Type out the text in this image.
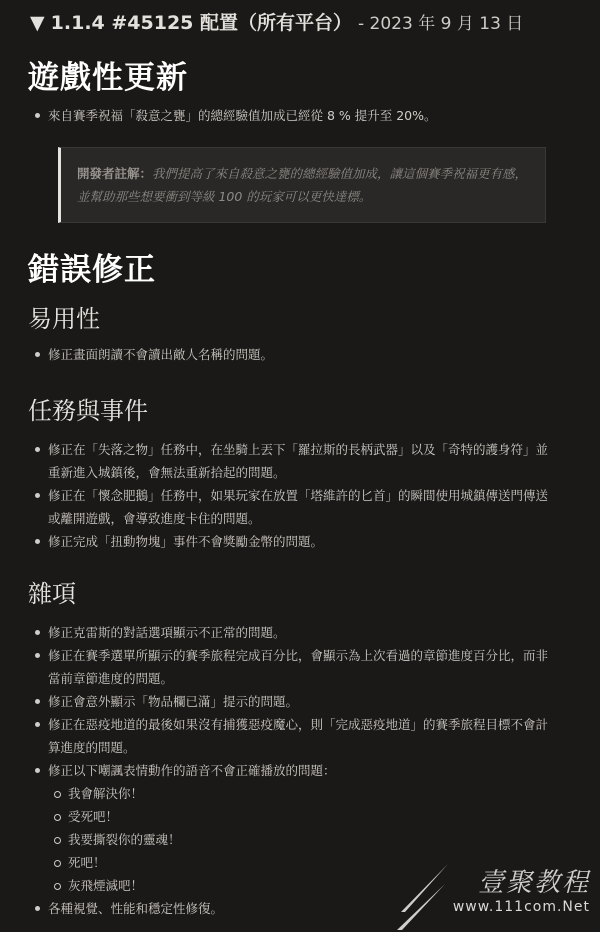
▼ 1.1.4 #45125 配置（所有平台） - 2023 年 9 月 13 日
遊戲性更新
來自賽季祝福「殺意之甕」的總經驗值加成已經從 8 % 提升至 20%。
開發者註解：我們提高了來自殺意之甕的總經驗值加成，讓這個賽季祝福更有感，並幫助那些想要衝到等級 100 的玩家可以更快達標。
錯誤修正
易用性
修正畫面朗讀不會讀出敵人名稱的問題。
任務與事件
修正在「失落之物」任務中，在坐騎上丟下「羅拉斯的長柄武器」以及「奇特的護身符」並重新進入城鎮後，會無法重新拾起的問題。
修正在「懷念肥鵝」任務中，如果玩家在放置「塔維許的匕首」的瞬間使用城鎮傳送門傳送或離開遊戲，會導致進度卡住的問題。
修正完成「扭動物塊」事件不會獎勵金幣的問題。
雜項
修正克雷斯的對話選項顯示不正常的問題。
修正在賽季選單所顯示的賽季旅程完成百分比，會顯示為上次看過的章節進度百分比，而非當前章節進度的問題。
修正會意外顯示「物品欄已滿」提示的問題。
修正在惡疫地道的最後如果沒有捕獲惡疫魔心，則「完成惡疫地道」的賽季旅程目標不會計算進度的問題。
修正以下嘲諷表情動作的語音不會正確播放的問題：
我會解決你！
受死吧！
我要撕裂你的靈魂！
死吧！
灰飛煙滅吧！
各種視覺、性能和穩定性修復。
壹聚教程
www.111com.Net
